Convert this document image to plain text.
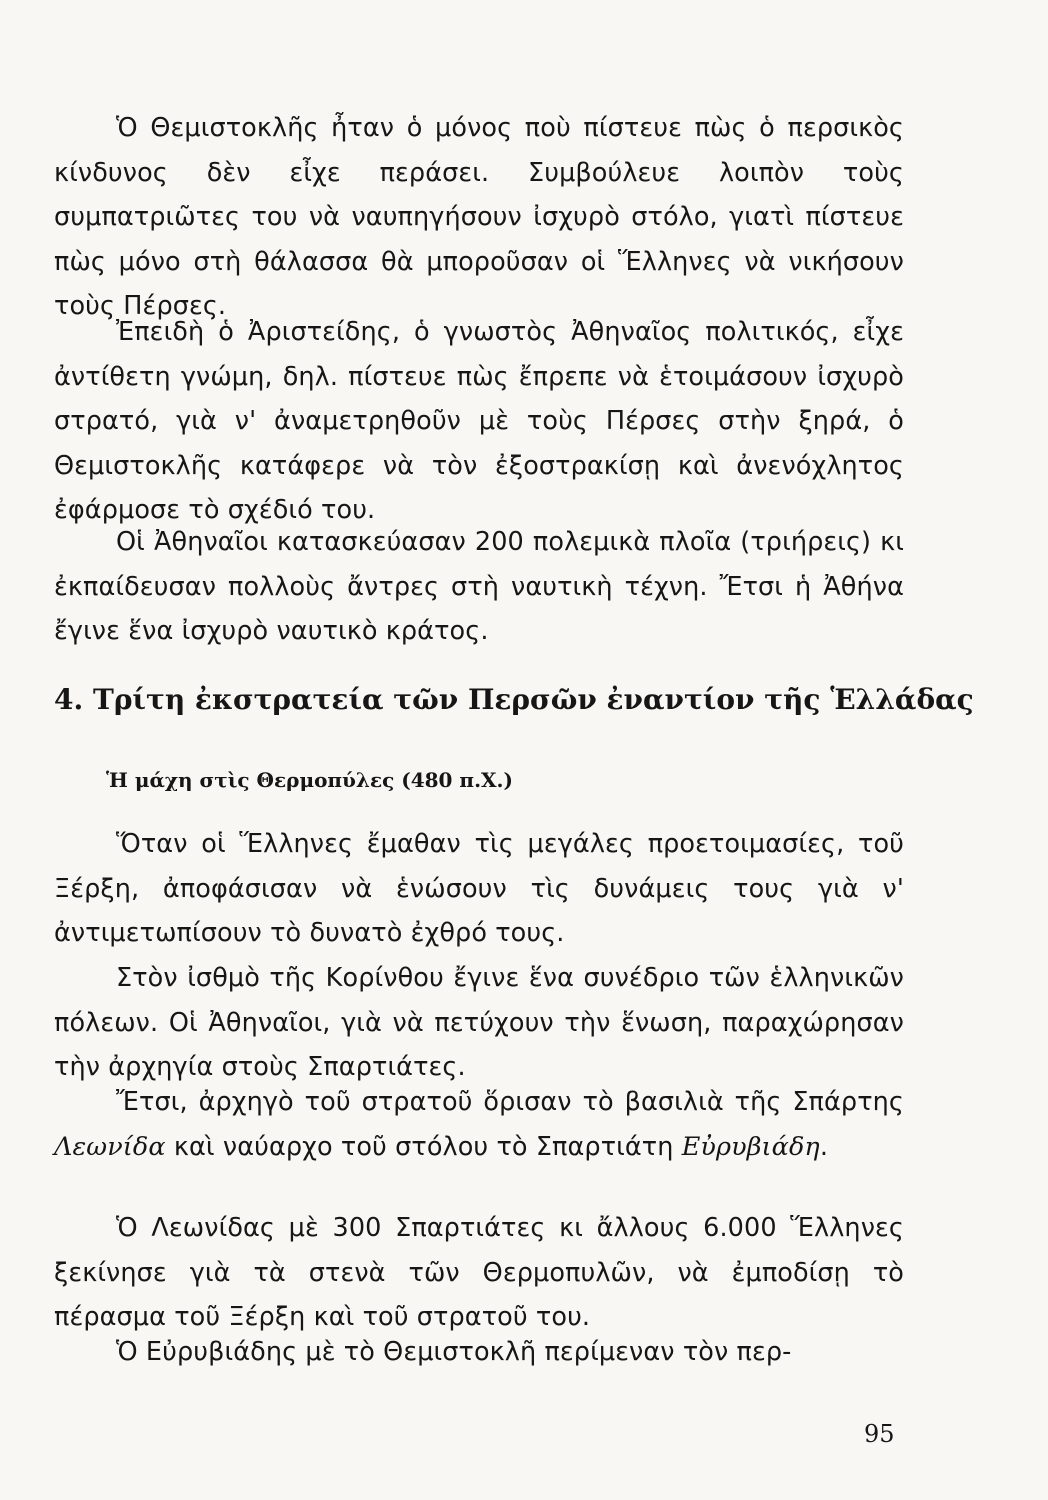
Ὁ Θεμιστοκλῆς ἦταν ὁ μόνος ποὺ πίστευε πὼς ὁ περσικὸς κίνδυνος δὲν εἶχε περάσει. Συμβούλευε λοιπὸν τοὺς συμπατριῶτες του νὰ ναυπηγήσουν ἰσχυρὸ στόλο, γιατὶ πίστευε πὼς μόνο στὴ θάλασσα θὰ μποροῦσαν οἱ Ἕλληνες νὰ νικήσουν τοὺς Πέρσες.

Ἐπειδὴ ὁ Ἀριστείδης, ὁ γνωστὸς Ἀθηναῖος πολιτικός, εἶχε ἀντίθετη γνώμη, δηλ. πίστευε πὼς ἔπρεπε νὰ ἑτοιμάσουν ἰσχυρὸ στρατό, γιὰ ν' ἀναμετρηθοῦν μὲ τοὺς Πέρσες στὴν ξηρά, ὁ Θεμιστοκλῆς κατάφερε νὰ τὸν ἐξοστρακίσῃ καὶ ἀνενόχλητος ἐφάρμοσε τὸ σχέδιό του.

Οἱ Ἀθηναῖοι κατασκεύασαν 200 πολεμικὰ πλοῖα (τριήρεις) κι ἐκπαίδευσαν πολλοὺς ἄντρες στὴ ναυτικὴ τέχνη. Ἔτσι ἡ Ἀθήνα ἔγινε ἕνα ἰσχυρὸ ναυτικὸ κράτος.

4. Τρίτη ἐκστρατεία τῶν Περσῶν ἐναντίον τῆς Ἑλλάδας
Ἡ μάχη στὶς Θερμοπύλες (480 π.Χ.)

Ὅταν οἱ Ἕλληνες ἔμαθαν τὶς μεγάλες προετοιμασίες, τοῦ Ξέρξη, ἀποφάσισαν νὰ ἑνώσουν τὶς δυνάμεις τους γιὰ ν' ἀντιμετωπίσουν τὸ δυνατὸ ἐχθρό τους.

Στὸν ἰσθμὸ τῆς Κορίνθου ἔγινε ἕνα συνέδριο τῶν ἑλληνικῶν πόλεων. Οἱ Ἀθηναῖοι, γιὰ νὰ πετύχουν τὴν ἕνωση, παραχώρησαν τὴν ἀρχηγία στοὺς Σπαρτιάτες.

Ἔτσι, ἀρχηγὸ τοῦ στρατοῦ ὅρισαν τὸ βασιλιὰ τῆς Σπάρτης Λεωνίδα καὶ ναύαρχο τοῦ στόλου τὸ Σπαρτιάτη Εὐρυβιάδη.

Ὁ Λεωνίδας μὲ 300 Σπαρτιάτες κι ἄλλους 6.000 Ἕλληνες ξεκίνησε γιὰ τὰ στενὰ τῶν Θερμοπυλῶν, νὰ ἐμποδίσῃ τὸ πέρασμα τοῦ Ξέρξη καὶ τοῦ στρατοῦ του.

Ὁ Εὐρυβιάδης μὲ τὸ Θεμιστοκλῆ περίμεναν τὸν περ-

95
